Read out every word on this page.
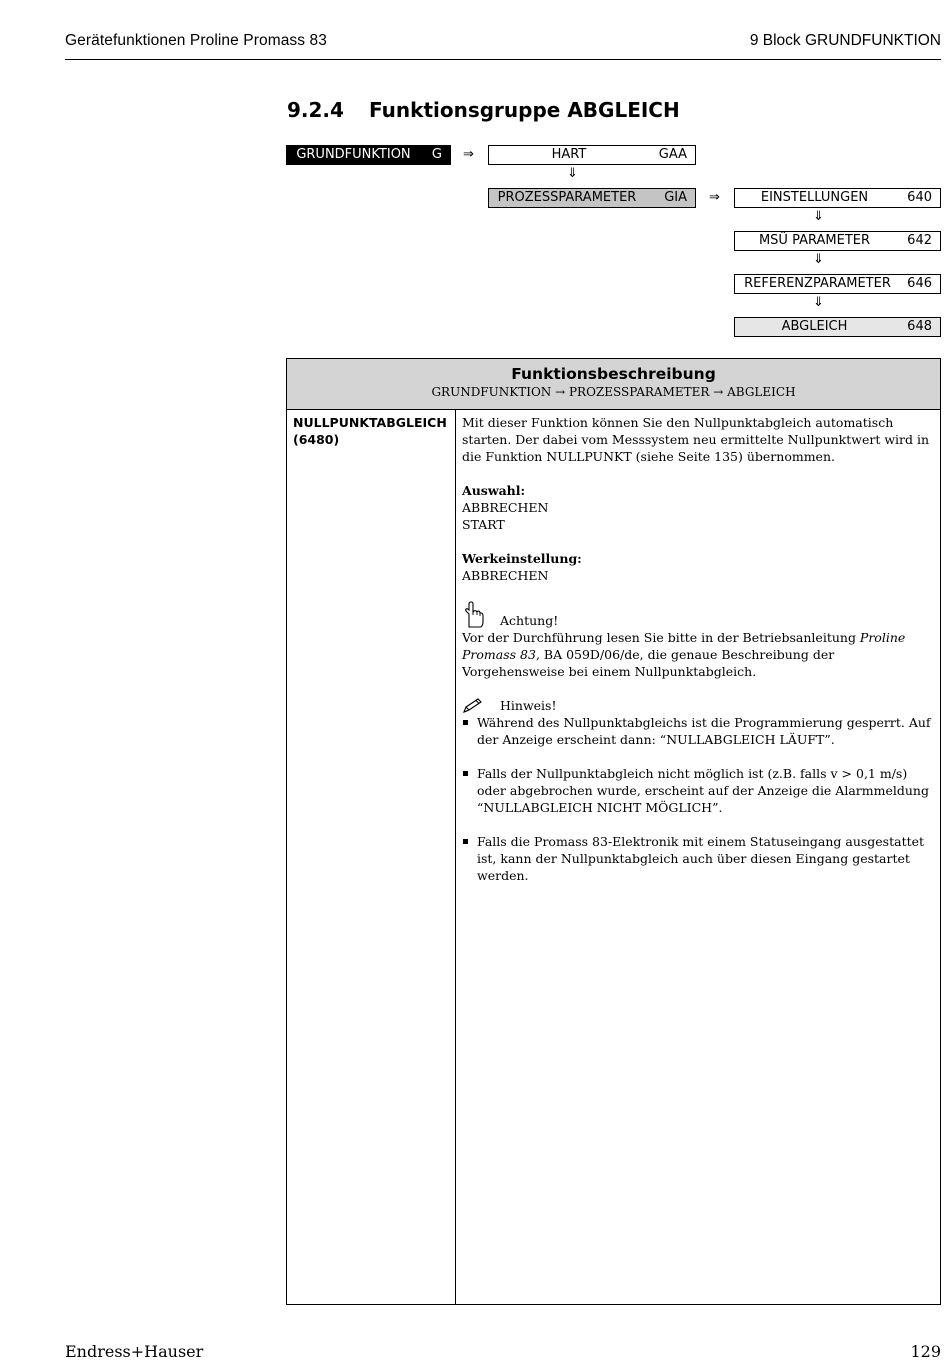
Gerätefunktionen Proline Promass 83	9 Block GRUNDFUNKTION
9.2.4 Funktionsgruppe ABGLEICH
GRUNDFUNKTION	G ⇒	HART	GAA
⇓
PROZESSPARAMETER	GIA ⇒	EINSTELLUNGEN	640
⇓
MSÜ PARAMETER	642
⇓
REFERENZPARAMETER	646
⇓
ABGLEICH	648
Funktionsbeschreibung
GRUNDFUNKTION → PROZESSPARAMETER → ABGLEICH
NULLPUNKTABGLEICH
(6480)

Mit dieser Funktion können Sie den Nullpunktabgleich automatisch starten. Der dabei vom Messsystem neu ermittelte Nullpunktwert wird in die Funktion NULLPUNKT (siehe Seite 135) übernommen.

Auswahl:

ABBRECHEN

START

Werkeinstellung:

ABBRECHEN

Achtung!

Vor der Durchführung lesen Sie bitte in der Betriebsanleitung Proline Promass 83, BA 059D/06/de, die genaue Beschreibung der Vorgehensweise bei einem Nullpunktabgleich.

Hinweis!
Während des Nullpunktabgleichs ist die Programmierung gesperrt. Auf der Anzeige erscheint dann: “NULLABGLEICH LÄUFT”.
Falls der Nullpunktabgleich nicht möglich ist (z.B. falls v > 0,1 m/s) oder abgebrochen wurde, erscheint auf der Anzeige die Alarmmeldung “NULLABGLEICH NICHT MÖGLICH”.
Falls die Promass 83-Elektronik mit einem Statuseingang ausgestattet ist, kann der Nullpunktabgleich auch über diesen Eingang gestartet werden.
Endress+Hauser	129
